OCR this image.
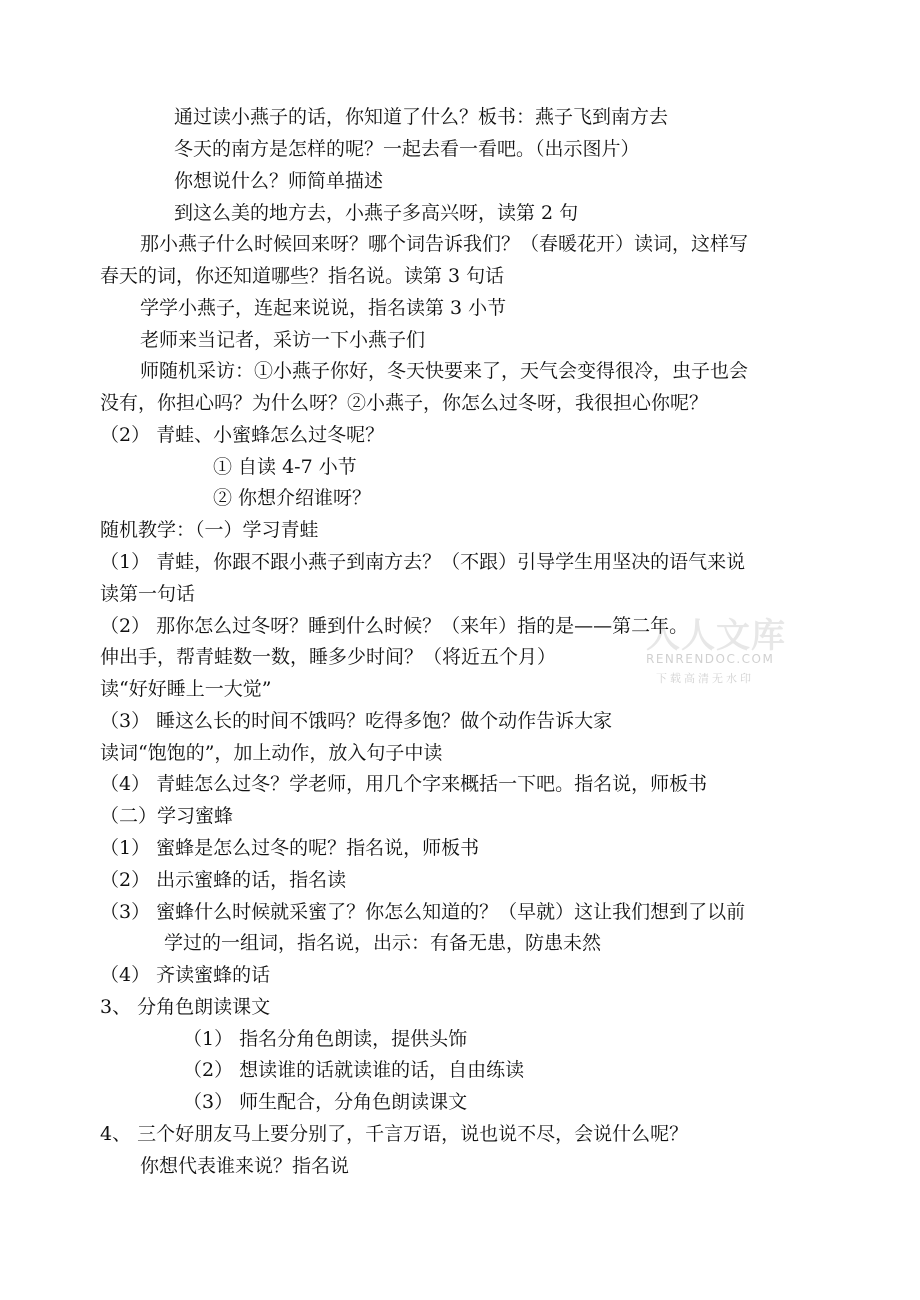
通过读小燕子的话，你知道了什么？板书：燕子飞到南方去
冬天的南方是怎样的呢？一起去看一看吧。（出示图片）
你想说什么？师简单描述
到这么美的地方去，小燕子多高兴呀，读第 2 句
那小燕子什么时候回来呀？哪个词告诉我们？（春暖花开）读词，这样写
春天的词，你还知道哪些？指名说。读第 3 句话
学学小燕子，连起来说说，指名读第 3 小节
老师来当记者，采访一下小燕子们
师随机采访：①小燕子你好，冬天快要来了，天气会变得很冷，虫子也会
没有，你担心吗？为什么呀？②小燕子，你怎么过冬呀，我很担心你呢？
（2） 青蛙、小蜜蜂怎么过冬呢？
① 自读 4-7 小节
② 你想介绍谁呀？
随机教学：（一）学习青蛙
（1） 青蛙，你跟不跟小燕子到南方去？（不跟）引导学生用坚决的语气来说
读第一句话
（2） 那你怎么过冬呀？睡到什么时候？（来年）指的是——第二年。
伸出手，帮青蛙数一数，睡多少时间？（将近五个月）
读“好好睡上一大觉”
（3） 睡这么长的时间不饿吗？吃得多饱？做个动作告诉大家
读词“饱饱的”，加上动作，放入句子中读
（4） 青蛙怎么过冬？学老师，用几个字来概括一下吧。指名说，师板书
（二）学习蜜蜂
（1） 蜜蜂是怎么过冬的呢？指名说，师板书
（2） 出示蜜蜂的话，指名读
（3） 蜜蜂什么时候就采蜜了？你怎么知道的？（早就）这让我们想到了以前
学过的一组词，指名说，出示：有备无患，防患未然
（4） 齐读蜜蜂的话
3、 分角色朗读课文
（1） 指名分角色朗读，提供头饰
（2） 想读谁的话就读谁的话，自由练读
（3） 师生配合，分角色朗读课文
4、 三个好朋友马上要分别了，千言万语，说也说不尽，会说什么呢？
你想代表谁来说？指名说
人人文库
RENRENDOC.COM
下载高清无水印
